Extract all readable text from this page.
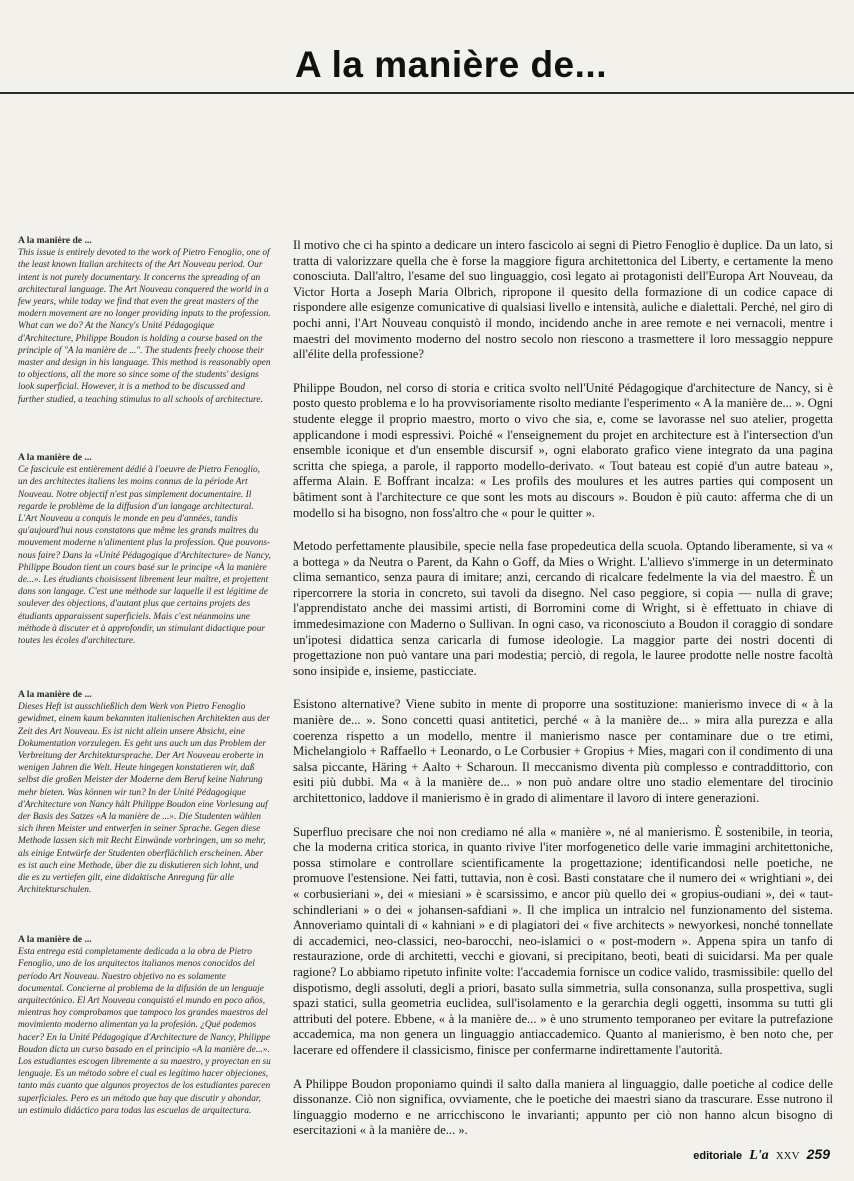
A la manière de...
A la manière de ...
This issue is entirely devoted to the work of Pietro Fenoglio, one of the least known Italian architects of the Art Nouveau period. Our intent is not purely documentary. It concerns the spreading of an architectural language. The Art Nouveau conquered the world in a few years, while today we find that even the great masters of the modern movement are no longer providing inputs to the profession. What can we do? At the Nancy's Unité Pédagogique d'Architecture, Philippe Boudon is holding a course based on the principle of "A la manière de ...". The students freely choose their master and design in his language. This method is reasonably open to objections, all the more so since some of the students' designs look superficial. However, it is a method to be discussed and further studied, a teaching stimulus to all schools of architecture.
A la manière de ...
Ce fascicule est entièrement dédié à l'oeuvre de Pietro Fenoglio, un des architectes italiens les moins connus de la période Art Nouveau. Notre objectif n'est pas simplement documentaire. Il regarde le problème de la diffusion d'un langage architectural. L'Art Nouveau a conquis le monde en peu d'années, tandis qu'aujourd'hui nous constatons que même les grands maîtres du mouvement moderne n'alimentent plus la profession. Que pouvons-nous faire? Dans la «Unité Pédagogique d'Architecture» de Nancy, Philippe Boudon tient un cours basé sur le principe «À la manière de...». Les étudiants choisissent librement leur maître, et projettent dans son langage. C'est une méthode sur laquelle il est légitime de soulever des objections, d'autant plus que certains projets des étudiants apparaissent superficiels. Mais c'est néanmoins une méthode à discuter et à approfondir, un stimulant didactique pour toutes les écoles d'architecture.
A la manière de ...
Dieses Heft ist ausschließlich dem Werk von Pietro Fenoglio gewidmet, einem kaum bekannten italienischen Architekten aus der Zeit des Art Nouveau. Es ist nicht allein unsere Absicht, eine Dokumentation vorzulegen. Es geht uns auch um das Problem der Verbreitung der Architektursprache. Der Art Nouveau eroberte in wenigen Jahren die Welt. Heute hingegen konstatieren wir, daß selbst die großen Meister der Moderne dem Beruf keine Nahrung mehr bieten. Was können wir tun? In der Unité Pédagogique d'Architecture von Nancy hält Philippe Boudon eine Vorlesung auf der Basis des Satzes «A la manière de ...». Die Studenten wählen sich ihren Meister und entwerfen in seiner Sprache. Gegen diese Methode lassen sich mit Recht Einwände vorbringen, um so mehr, als einige Entwürfe der Studenten oberflächlich erscheinen. Aber es ist auch eine Methode, über die zu diskutieren sich lohnt, und die es zu vertiefen gilt, eine didaktische Anregung für alle Architekturschulen.
A la manière de ...
Esta entrega está completamente dedicada a la obra de Pietro Fenoglio, uno de los arquitectos italianos menos conocidos del período Art Nouveau. Nuestro objetivo no es solamente documental. Concierne al problema de la difusión de un lenguaje arquitectónico. El Art Nouveau conquistó el mundo en poco años, mientras hoy comprobamos que tampoco los grandes maestros del movimiento moderno alimentan ya la profesión. ¿Qué podemos hacer? En la Unité Pédagogique d'Architecture de Nancy, Philippe Boudon dicta un curso basado en el principio «A la manière de...». Los estudiantes escogen libremente a su maestro, y proyectan en su lenguaje. Es un método sobre el cual es legítimo hacer objeciones, tanto más cuanto que algunos proyectos de los estudiantes parecen superficiales. Pero es un método que hay que discutir y ahondar, un estímulo didáctico para todas las escuelas de arquitectura.

Il motivo che ci ha spinto a dedicare un intero fascicolo ai segni di Pietro Fenoglio è duplice. Da un lato, si tratta di valorizzare quella che è forse la maggiore figura architettonica del Liberty, e certamente la meno conosciuta. Dall'altro, l'esame del suo linguaggio, così legato ai protagonisti dell'Europa Art Nouveau, da Victor Horta a Joseph Maria Olbrich, ripropone il quesito della formazione di un codice capace di rispondere alle esigenze comunicative di qualsiasi livello e intensità, auliche e dialettali. Perché, nel giro di pochi anni, l'Art Nouveau conquistò il mondo, incidendo anche in aree remote e nei vernacoli, mentre i maestri del movimento moderno del nostro secolo non riescono a trasmettere il loro messaggio neppure all'élite della professione?

Philippe Boudon, nel corso di storia e critica svolto nell'Unité Pédagogique d'architecture de Nancy, si è posto questo problema e lo ha provvisoriamente risolto mediante l'esperimento « A la manière de... ». Ogni studente elegge il proprio maestro, morto o vivo che sia, e, come se lavorasse nel suo atelier, progetta applicandone i modi espressivi. Poiché « l'enseignement du projet en architecture est à l'intersection d'un ensemble iconique et d'un ensemble discursif », ogni elaborato grafico viene integrato da una pagina scritta che spiega, a parole, il rapporto modello-derivato. « Tout bateau est copié d'un autre bateau », afferma Alain. E Boffrant incalza: « Les profils des moulures et les autres parties qui composent un bâtiment sont à l'architecture ce que sont les mots au discours ». Boudon è più cauto: afferma che di un modello si ha bisogno, non foss'altro che « pour le quitter ».

Metodo perfettamente plausibile, specie nella fase propedeutica della scuola. Optando liberamente, si va « a bottega » da Neutra o Parent, da Kahn o Goff, da Mies o Wright. L'allievo s'immerge in un determinato clima semantico, senza paura di imitare; anzi, cercando di ricalcare fedelmente la via del maestro. È un ripercorrere la storia in concreto, sui tavoli da disegno. Nel caso peggiore, si copia — nulla di grave; l'apprendistato anche dei massimi artisti, di Borromini come di Wright, si è effettuato in chiave di immedesimazione con Maderno o Sullivan. In ogni caso, va riconosciuto a Boudon il coraggio di sondare un'ipotesi didattica senza caricarla di fumose ideologie. La maggior parte dei nostri docenti di progettazione non può vantare una pari modestia; perciò, di regola, le lauree prodotte nelle nostre facoltà sono insipide e, insieme, pasticciate.

Esistono alternative? Viene subito in mente di proporre una sostituzione: manierismo invece di « à la manière de... ». Sono concetti quasi antitetici, perché « à la manière de... » mira alla purezza e alla coerenza rispetto a un modello, mentre il manierismo nasce per contaminare due o tre etimi, Michelangiolo + Raffaello + Leonardo, o Le Corbusier + Gropius + Mies, magari con il condimento di una salsa piccante, Häring + Aalto + Scharoun. Il meccanismo diventa più complesso e contraddittorio, con esiti più dubbi. Ma « à la manière de... » non può andare oltre uno stadio elementare del tirocinio architettonico, laddove il manierismo è in grado di alimentare il lavoro di intere generazioni.

Superfluo precisare che noi non crediamo né alla « manière », né al manierismo. È sostenibile, in teoria, che la moderna critica storica, in quanto rivive l'iter morfogenetico delle varie immagini architettoniche, possa stimolare e controllare scientificamente la progettazione; identificandosi nelle poetiche, ne promuove l'estensione. Nei fatti, tuttavia, non è così. Basti constatare che il numero dei « wrightiani », dei « corbusieriani », dei « miesiani » è scarsissimo, e ancor più quello dei « gropius-oudiani », dei « taut-schindleriani » o dei « johansen-safdiani ». Il che implica un intralcio nel funzionamento del sistema. Annoveriamo quintali di « kahniani » e di plagiatori dei « five architects » newyorkesi, nonché tonnellate di accademici, neo-classici, neo-barocchi, neo-islamici o « post-modern ». Appena spira un tanfo di restaurazione, orde di architetti, vecchi e giovani, si precipitano, beoti, beati di suicidarsi. Ma per quale ragione? Lo abbiamo ripetuto infinite volte: l'accademia fornisce un codice valido, trasmissibile: quello del dispotismo, degli assoluti, degli a priori, basato sulla simmetria, sulla consonanza, sulla prospettiva, sugli spazi statici, sulla geometria euclidea, sull'isolamento e la gerarchia degli oggetti, insomma su tutti gli attributi del potere. Ebbene, « à la manière de... » è uno strumento temporaneo per evitare la putrefazione accademica, ma non genera un linguaggio antiaccademico. Quanto al manierismo, è ben noto che, per lacerare ed offendere il classicismo, finisce per confermarne indirettamente l'autorità.

A Philippe Boudon proponiamo quindi il salto dalla maniera al linguaggio, dalle poetiche al codice delle dissonanze. Ciò non significa, ovviamente, che le poetiche dei maestri siano da trascurare. Esse nutrono il linguaggio moderno e ne arricchiscono le invarianti; appunto per ciò non hanno alcun bisogno di esercitazioni « à la manière de... ».

editoriale L'a XXV 259
